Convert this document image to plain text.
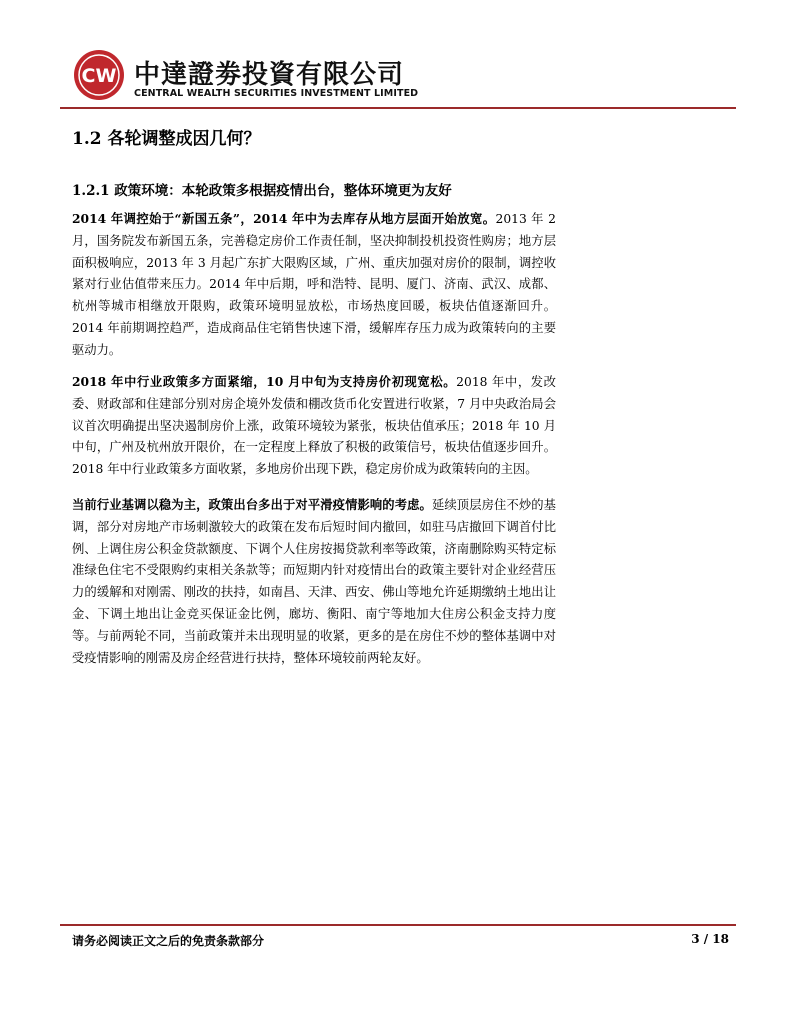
CW 中達證劵投資有限公司
CENTRAL WEALTH SECURITIES INVESTMENT LIMITED
1.2 各轮调整成因几何？
1.2.1 政策环境：本轮政策多根据疫情出台，整体环境更为友好
2014 年调控始于“新国五条”，2014 年中为去库存从地方层面开始放宽。2013 年 2 月，国务院发布新国五条，完善稳定房价工作责任制，坚决抑制投机投资性购房；地方层面积极响应，2013 年 3 月起广东扩大限购区域，广州、重庆加强对房价的限制，调控收紧对行业估值带来压力。2014 年中后期，呼和浩特、昆明、厦门、济南、武汉、成都、杭州等城市相继放开限购，政策环境明显放松，市场热度回暖，板块估值逐渐回升。2014 年前期调控趋严，造成商品住宅销售快速下滑，缓解库存压力成为政策转向的主要驱动力。
2018 年中行业政策多方面紧缩，10 月中旬为支持房价初现宽松。2018 年中，发改委、财政部和住建部分别对房企境外发债和棚改货币化安置进行收紧，7 月中央政治局会议首次明确提出坚决遏制房价上涨，政策环境较为紧张，板块估值承压；2018 年 10 月中旬，广州及杭州放开限价，在一定程度上释放了积极的政策信号，板块估值逐步回升。2018 年中行业政策多方面收紧，多地房价出现下跌，稳定房价成为政策转向的主因。
当前行业基调以稳为主，政策出台多出于对平滑疫情影响的考虑。延续顶层房住不炒的基调，部分对房地产市场刺激较大的政策在发布后短时间内撤回，如驻马店撤回下调首付比例、上调住房公积金贷款额度、下调个人住房按揭贷款利率等政策，济南删除购买特定标准绿色住宅不受限购约束相关条款等；而短期内针对疫情出台的政策主要针对企业经营压力的缓解和对刚需、刚改的扶持，如南昌、天津、西安、佛山等地允许延期缴纳土地出让金、下调土地出让金竞买保证金比例，廊坊、衡阳、南宁等地加大住房公积金支持力度等。与前两轮不同，当前政策并未出现明显的收紧，更多的是在房住不炒的整体基调中对受疫情影响的刚需及房企经营进行扶持，整体环境较前两轮友好。
请务必阅读正文之后的免责条款部分	3 / 18
